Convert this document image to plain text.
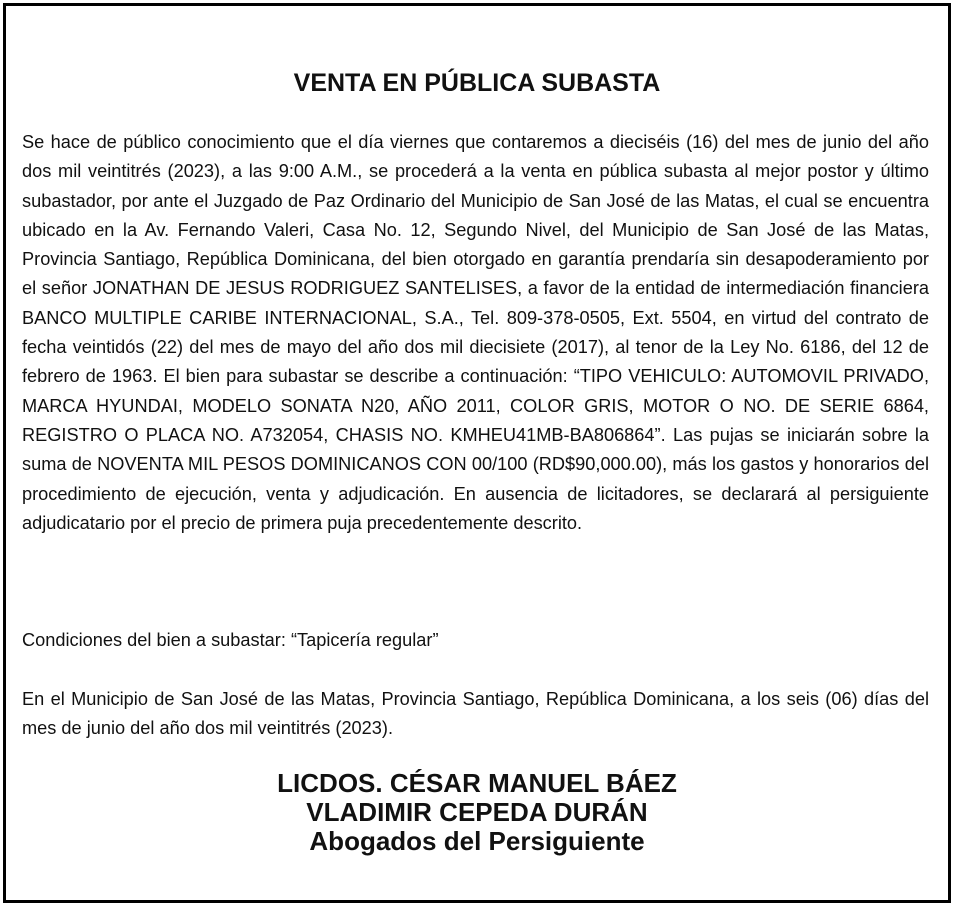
VENTA EN PÚBLICA SUBASTA

Se hace de público conocimiento que el día viernes que contaremos a dieciséis (16) del mes de junio del año dos mil veintitrés (2023), a las 9:00 A.M., se procederá a la venta en pública subasta al mejor postor y último subastador, por ante el Juzgado de Paz Ordinario del Municipio de San José de las Matas, el cual se encuentra ubicado en la Av. Fernando Valeri, Casa No. 12, Segundo Nivel, del Municipio de San José de las Matas, Provincia Santiago, República Dominicana, del bien otorgado en garantía prendaría sin desapoderamiento por el señor JONATHAN DE JESUS RODRIGUEZ SANTELISES, a favor de la entidad de intermediación financiera BANCO MULTIPLE CARIBE INTERNACIONAL, S.A., Tel. 809-378-0505, Ext. 5504, en virtud del contrato de fecha veintidós (22) del mes de mayo del año dos mil diecisiete (2017), al tenor de la Ley No. 6186, del 12 de febrero de 1963. El bien para subastar se describe a continuación: “TIPO VEHICULO: AUTOMOVIL PRIVADO, MARCA HYUNDAI, MODELO SONATA N20, AÑO 2011, COLOR GRIS, MOTOR O NO. DE SERIE 6864, REGISTRO O PLACA NO. A732054, CHASIS NO. KMHEU41MB-BA806864”. Las pujas se iniciarán sobre la suma de NOVENTA MIL PESOS DOMINICANOS CON 00/100 (RD$90,000.00), más los gastos y honorarios del procedimiento de ejecución, venta y adjudicación. En ausencia de licitadores, se declarará al persiguiente adjudicatario por el precio de primera puja precedentemente descrito.

Condiciones del bien a subastar: “Tapicería regular”

En el Municipio de San José de las Matas, Provincia Santiago, República Dominicana, a los seis (06) días del mes de junio del año dos mil veintitrés (2023).

LICDOS. CÉSAR MANUEL BÁEZ
VLADIMIR CEPEDA DURÁN
Abogados del Persiguiente
